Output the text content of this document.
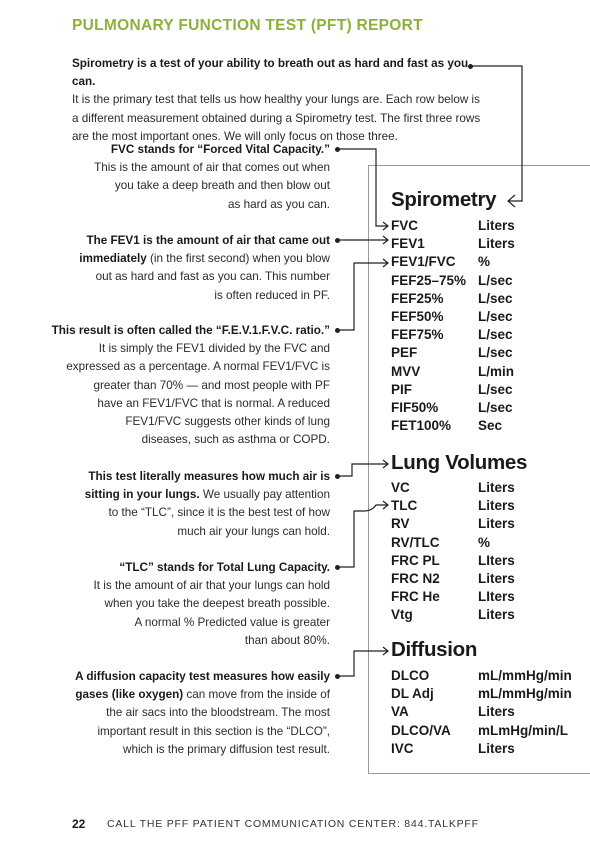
PULMONARY FUNCTION TEST (PFT) REPORT
Spirometry is a test of your ability to breath out as hard and fast as you can.
It is the primary test that tells us how healthy your lungs are. Each row below is
a different measurement obtained during a Spirometry test. The first three rows
are the most important ones. We will only focus on those three.
FVC stands for “Forced Vital Capacity.”
This is the amount of air that comes out when
you take a deep breath and then blow out
as hard as you can.
The FEV1 is the amount of air that came out
immediately (in the first second) when you blow
out as hard and fast as you can. This number
is often reduced in PF.
This result is often called the “F.E.V.1.F.V.C. ratio.”
It is simply the FEV1 divided by the FVC and
expressed as a percentage. A normal FEV1/FVC is
greater than 70% — and most people with PF
have an FEV1/FVC that is normal. A reduced
FEV1/FVC suggests other kinds of lung
diseases, such as asthma or COPD.
This test literally measures how much air is
sitting in your lungs. We usually pay attention
to the “TLC”, since it is the best test of how
much air your lungs can hold.
“TLC” stands for Total Lung Capacity.
It is the amount of air that your lungs can hold
when you take the deepest breath possible.
A normal % Predicted value is greater
than about 80%.
A diffusion capacity test measures how easily
gases (like oxygen) can move from the inside of
the air sacs into the bloodstream. The most
important result in this section is the “DLCO”,
which is the primary diffusion test result.
Spirometry
FVC	Liters
FEV1	Liters
FEV1/FVC %
FEF25–75% L/sec
FEF25%	L/sec
FEF50%	L/sec
FEF75%	L/sec
PEF	L/sec
MVV	L/min
PIF	L/sec
FIF50%	L/sec
FET100% Sec
Lung Volumes
VC	Liters
TLC	Liters
RV	Liters
RV/TLC	%
FRC PL	LIters
FRC N2	Liters
FRC He	LIters
Vtg	Liters
Diffusion
DLCO	mL/mmHg/min
DL Adj	mL/mmHg/min
VA	Liters
DLCO/VA mLmHg/min/L
IVC	Liters
22 CALL THE PFF PATIENT COMMUNICATION CENTER: 844.TALKPFF
